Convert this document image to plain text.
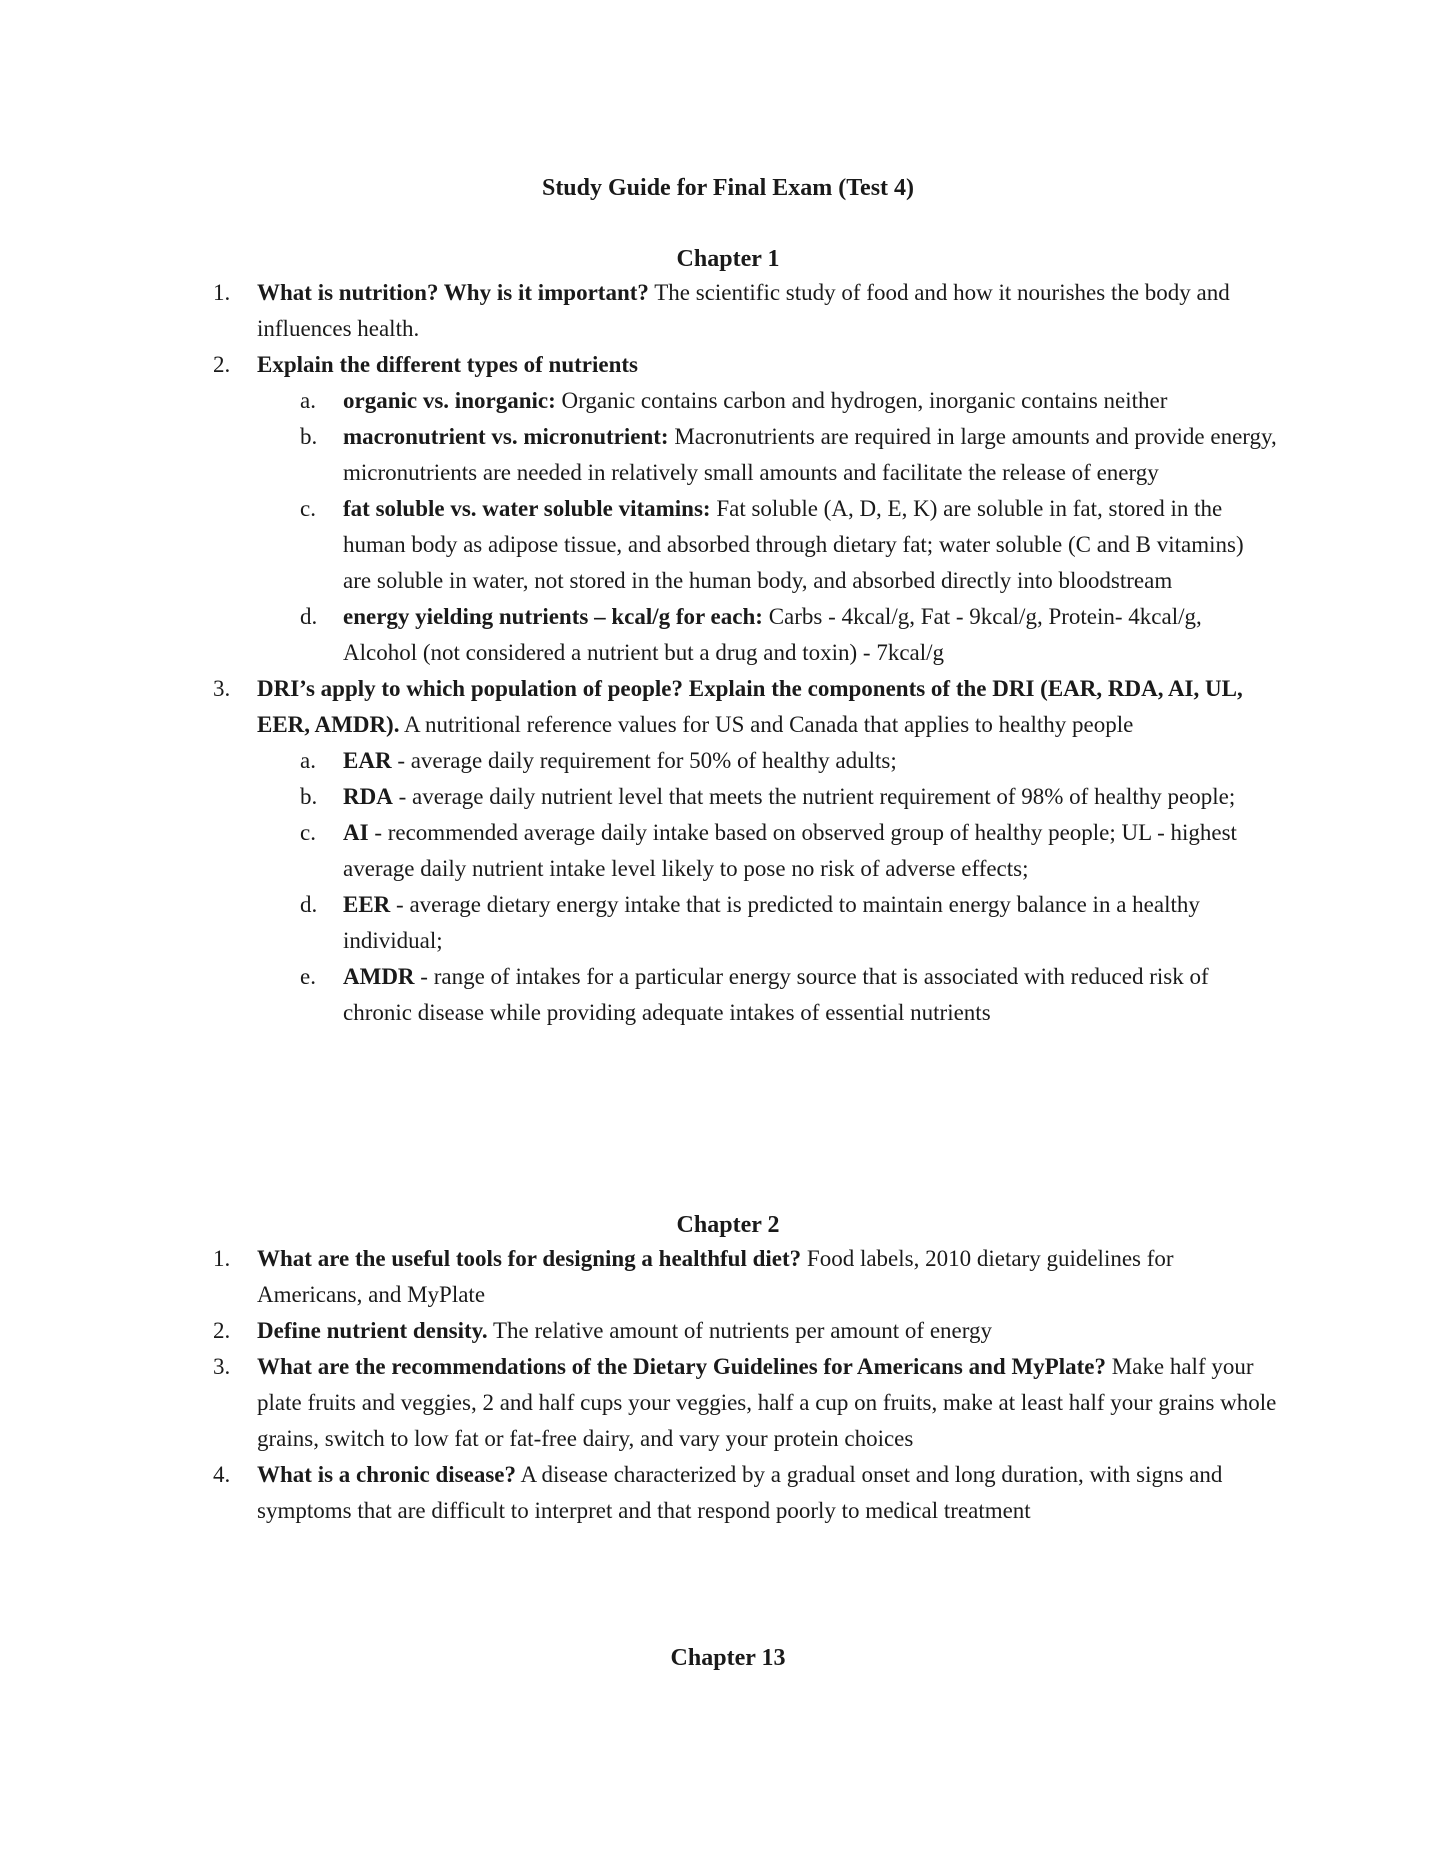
Study Guide for Final Exam (Test 4)
Chapter 1
1.	What is nutrition? Why is it important? The scientific study of food and how it nourishes the body and influences health.
2.	Explain the different types of nutrients
a.	organic vs. inorganic: Organic contains carbon and hydrogen, inorganic contains neither
b.	macronutrient vs. micronutrient: Macronutrients are required in large amounts and provide energy, micronutrients are needed in relatively small amounts and facilitate the release of energy
c.	fat soluble vs. water soluble vitamins: Fat soluble (A, D, E, K) are soluble in fat, stored in the human body as adipose tissue, and absorbed through dietary fat; water soluble (C and B vitamins) are soluble in water, not stored in the human body, and absorbed directly into bloodstream
d.	energy yielding nutrients – kcal/g for each: Carbs - 4kcal/g, Fat - 9kcal/g, Protein- 4kcal/g, Alcohol (not considered a nutrient but a drug and toxin) - 7kcal/g
3.	DRI’s apply to which population of people? Explain the components of the DRI (EAR, RDA, AI, UL, EER, AMDR). A nutritional reference values for US and Canada that applies to healthy people
a.	EAR - average daily requirement for 50% of healthy adults;
b.	RDA - average daily nutrient level that meets the nutrient requirement of 98% of healthy people;
c.	AI - recommended average daily intake based on observed group of healthy people; UL - highest average daily nutrient intake level likely to pose no risk of adverse effects;
d.	EER - average dietary energy intake that is predicted to maintain energy balance in a healthy individual;
e.	AMDR - range of intakes for a particular energy source that is associated with reduced risk of chronic disease while providing adequate intakes of essential nutrients
Chapter 2
1.	What are the useful tools for designing a healthful diet? Food labels, 2010 dietary guidelines for Americans, and MyPlate
2.	Define nutrient density. The relative amount of nutrients per amount of energy
3.	What are the recommendations of the Dietary Guidelines for Americans and MyPlate? Make half your plate fruits and veggies, 2 and half cups your veggies, half a cup on fruits, make at least half your grains whole grains, switch to low fat or fat-free dairy, and vary your protein choices
4.	What is a chronic disease? A disease characterized by a gradual onset and long duration, with signs and symptoms that are difficult to interpret and that respond poorly to medical treatment
Chapter 13
